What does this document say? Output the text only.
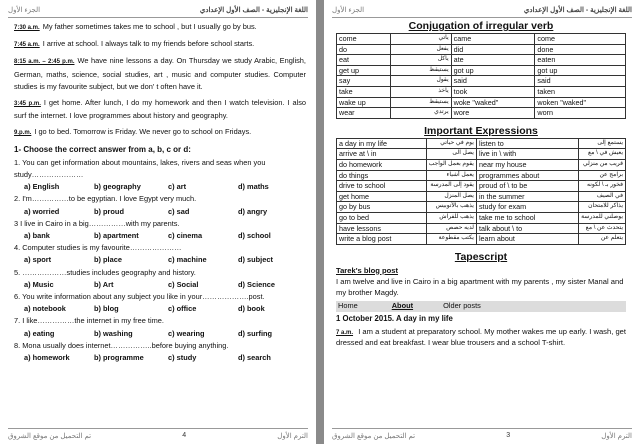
الجزء الأول	اللغة الإنجليزية - الصف الأول الإعدادي
7:30 a.m. My father sometimes takes me to school , but I usually go by bus.
7:45 a.m. I arrive at school. I always talk to my friends before school starts.
8:15 a.m. – 2:45 p.m. We have nine lessons a day. On Thursday we study Arabic, English, German, maths, science, social studies, art , music and computer studies. Computer studies is my favourite subject, but we don' t often have it.
3:45 p.m. I get home. After lunch, I do my homework and then I watch television. I also surf the internet. I love programmes about history and geography.
9.p.m. I go to bed. Tomorrow is Friday. We never go to school on Fridays.
1- Choose the correct answer from a, b, c or d:
1. You can get information about mountains, lakes, rivers and seas when you study…………………
a) English	b) geography	c) art	d) maths
2. I'm……………to be egyptian. I love Egypt very much.
a) worried	b) proud	c) sad	d) angry
3 I live in Cairo in a big……………with my parents.
a) bank	b) apartment	c) cinema	d) school
4. Computer studies is my favourite…………………
a) sport	b) place	c) machine	d) subject
5. ………………studies includes geography and history.
a) Music	b) Art	c) Social	d) Science
6. You write information about any subject you like in your……………….post.
a) notebook	b) blog	c) office	d) book
7. I like……………the internet in my free time.
a) eating	b) washing	c) wearing	d) surfing
8. Mona usually does internet……………..before buying anything.
a) homework	b) programme	c) study	d) search
تم التحميل من موقع الشروق	4	الترم الأول
الجزء الأول	اللغة الإنجليزية - الصف الأول الإعدادي
Conjugation of irregular verb
come	يأتي	came	come
do	يفعل	did	done
eat	يأكل	ate	eaten
get up	يستيقظ	got up	got up
say	يقول	said	said
take	يأخذ	took	taken
wake up	يستيقظ	woke "waked"	woken "waked"
wear	يرتدي	wore	worn
Important Expressions
a day in my life	يوم في حياتي	listen to	يستمع إلى
arrive at \ in	يصل الى	live in \ with	يعيش في \ مع
do homework	يقوم بعمل الواجب	near my house	قريب من منزلي
do things	يعمل أشياء	programmes about	برامج عن
drive to school	يقود إلى المدرسة	proud of \ to be	فخور بـ \ لكونه
get home	يصل المنزل	in the summer	في الصيف
go by bus	يذهب بالأتوبيس	study for exam	يذاكر للامتحان
go to bed	يذهب للفراش	take me to school	يوصلني للمدرسة
have lessons	لديه حصص	talk about \ to	يتحدث عن \ مع
write a blog post	يكتب مقطوعة	learn about	يتعلم عن
Tapescript
Tarek's blog post
I am twelve and live in Cairo in a big apartment with my parents , my sister Manal and my brother Magdy.
Home	About	Older posts
1 October 2015. A day in my life
7 a.m. I am a student at preparatory school. My mother wakes me up early. I wash, get dressed and eat breakfast. I wear blue trousers and a school T-shirt.
تم التحميل من موقع الشروق	3	الترم الأول
